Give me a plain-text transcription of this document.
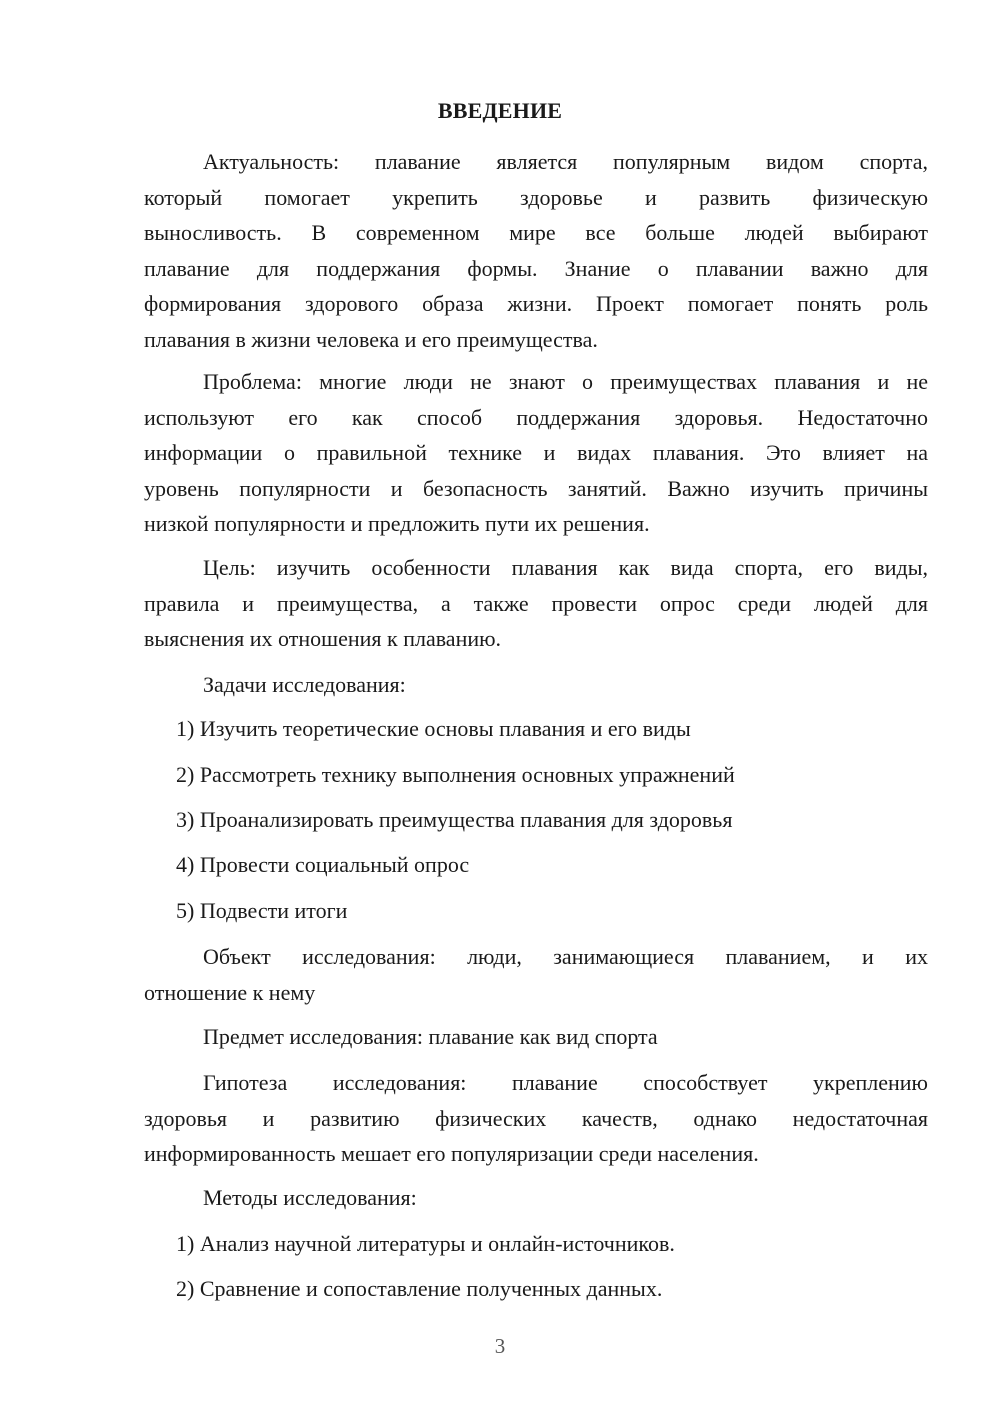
ВВЕДЕНИЕ
Актуальность: плавание является популярным видом спорта,
который помогает укрепить здоровье и развить физическую
выносливость. В современном мире все больше людей выбирают
плавание для поддержания формы. Знание о плавании важно для
формирования здорового образа жизни. Проект помогает понять роль
плавания в жизни человека и его преимущества.
Проблема: многие люди не знают о преимуществах плавания и не
используют его как способ поддержания здоровья. Недостаточно
информации о правильной технике и видах плавания. Это влияет на
уровень популярности и безопасность занятий. Важно изучить причины
низкой популярности и предложить пути их решения.
Цель: изучить особенности плавания как вида спорта, его виды,
правила и преимущества, а также провести опрос среди людей для
выяснения их отношения к плаванию.
Задачи исследования:
1) Изучить теоретические основы плавания и его виды
2) Рассмотреть технику выполнения основных упражнений
3) Проанализировать преимущества плавания для здоровья
4) Провести социальный опрос
5) Подвести итоги
Объект исследования: люди, занимающиеся плаванием, и их
отношение к нему
Предмет исследования: плавание как вид спорта
Гипотеза исследования: плавание способствует укреплению
здоровья и развитию физических качеств, однако недостаточная
информированность мешает его популяризации среди населения.
Методы исследования:
1) Анализ научной литературы и онлайн-источников.
2) Сравнение и сопоставление полученных данных.
3
